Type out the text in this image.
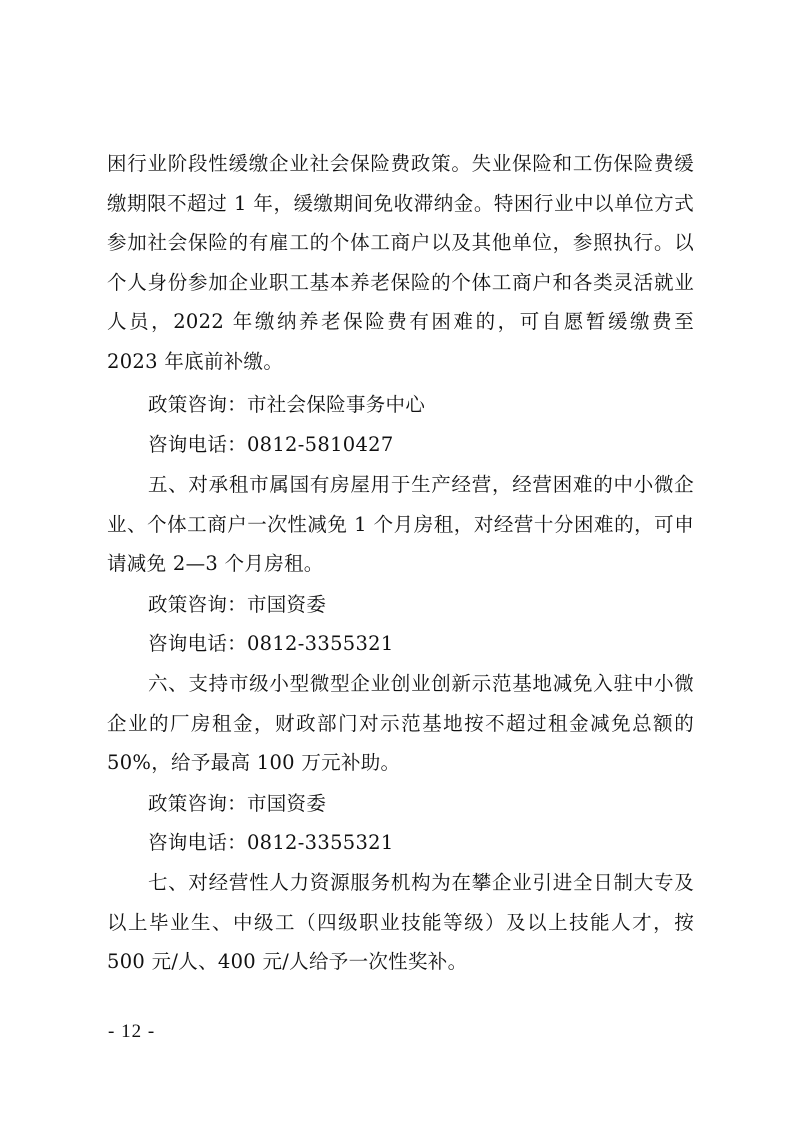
困行业阶段性缓缴企业社会保险费政策。失业保险和工伤保险费缓缴期限不超过 1 年，缓缴期间免收滞纳金。特困行业中以单位方式参加社会保险的有雇工的个体工商户以及其他单位，参照执行。以个人身份参加企业职工基本养老保险的个体工商户和各类灵活就业人员，2022 年缴纳养老保险费有困难的，可自愿暂缓缴费至 2023 年底前补缴。

政策咨询：市社会保险事务中心

咨询电话：0812-5810427

五、对承租市属国有房屋用于生产经营，经营困难的中小微企业、个体工商户一次性减免 1 个月房租，对经营十分困难的，可申请减免 2—3 个月房租。

政策咨询：市国资委

咨询电话：0812-3355321

六、支持市级小型微型企业创业创新示范基地减免入驻中小微企业的厂房租金，财政部门对示范基地按不超过租金减免总额的 50%，给予最高 100 万元补助。

政策咨询：市国资委

咨询电话：0812-3355321

七、对经营性人力资源服务机构为在攀企业引进全日制大专及以上毕业生、中级工（四级职业技能等级）及以上技能人才，按 500 元/人、400 元/人给予一次性奖补。

- 12 -
